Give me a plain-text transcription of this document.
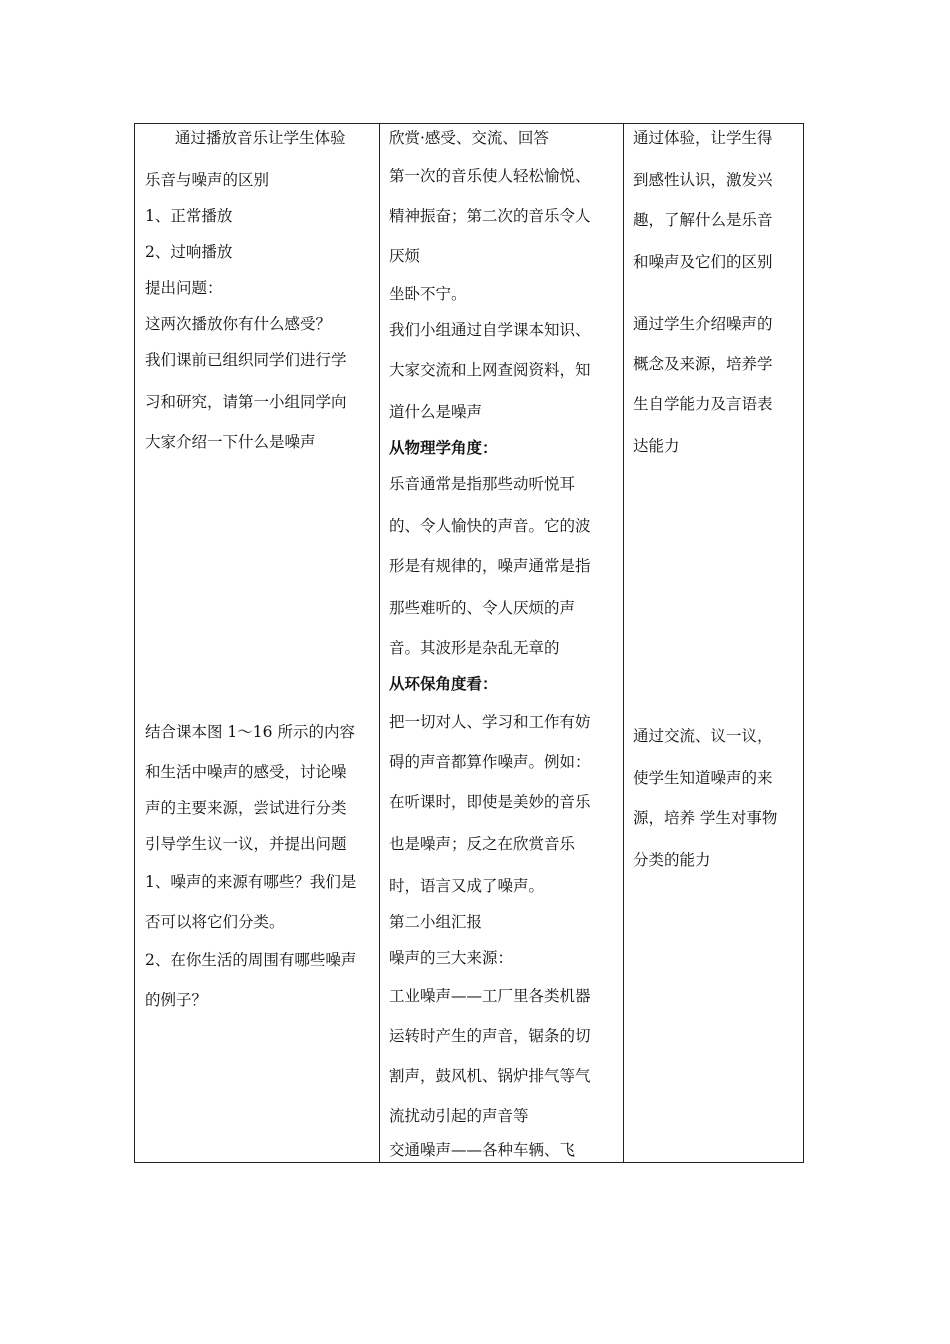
通过播放音乐让学生体验
乐音与噪声的区别
1、正常播放
2、过响播放
提出问题：
这两次播放你有什么感受？
我们课前已组织同学们进行学
习和研究，请第一小组同学向
大家介绍一下什么是噪声
结合课本图 1～16 所示的内容
和生活中噪声的感受，讨论噪
声的主要来源，尝试进行分类
引导学生议一议，并提出问题
1、噪声的来源有哪些？我们是
否可以将它们分类。
2、在你生活的周围有哪些噪声
的例子？
欣赏·感受、交流、回答
第一次的音乐使人轻松愉悦、
精神振奋；第二次的音乐令人
厌烦
坐卧不宁。
我们小组通过自学课本知识、
大家交流和上网查阅资料，知
道什么是噪声
从物理学角度：
乐音通常是指那些动听悦耳
的、令人愉快的声音。它的波
形是有规律的，噪声通常是指
那些难听的、令人厌烦的声
音。其波形是杂乱无章的
从环保角度看：
把一切对人、学习和工作有妨
碍的声音都算作噪声。例如：
在听课时，即使是美妙的音乐
也是噪声；反之在欣赏音乐
时，语言又成了噪声。
第二小组汇报
噪声的三大来源：
工业噪声——工厂里各类机器
运转时产生的声音，锯条的切
割声，鼓风机、锅炉排气等气
流扰动引起的声音等
交通噪声——各种车辆、飞
通过体验，让学生得
到感性认识，激发兴
趣，了解什么是乐音
和噪声及它们的区别
通过学生介绍噪声的
概念及来源，培养学
生自学能力及言语表
达能力
通过交流、议一议，
使学生知道噪声的来
源，培养 学生对事物
分类的能力
